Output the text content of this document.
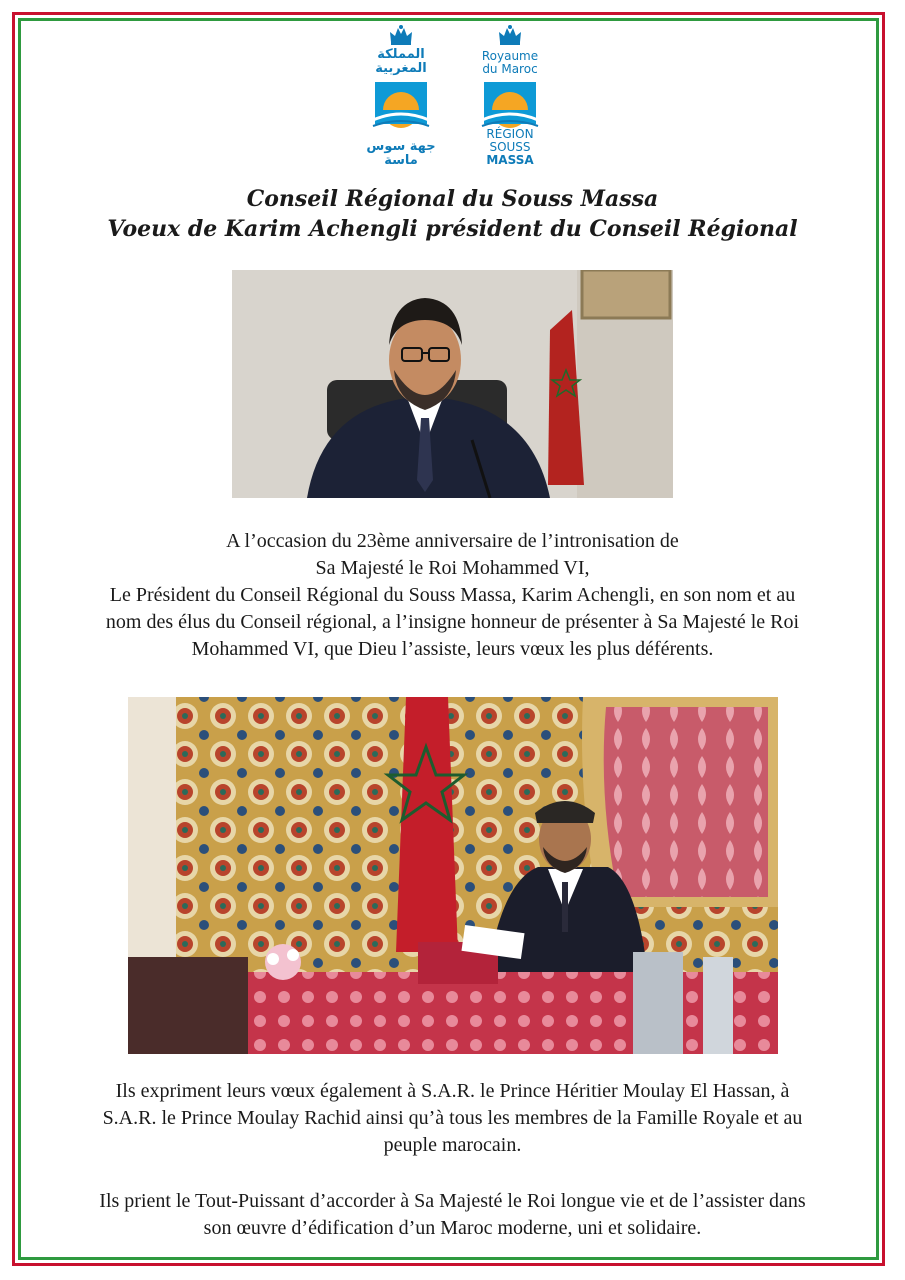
المملكة المغربية
جهة سوس ماسة
Royaume
du Maroc
RÉGION
SOUSS
MASSA
Conseil Régional du Souss Massa
Voeux de Karim Achengli président du Conseil Régional
A l’occasion du 23ème anniversaire de l’intronisation de
Sa Majesté le Roi Mohammed VI,
Le Président du Conseil Régional du Souss Massa, Karim Achengli, en son nom et au
nom des élus du Conseil régional, a l’insigne honneur de présenter à Sa Majesté le Roi
Mohammed VI, que Dieu l’assiste, leurs vœux les plus déférents.
Ils expriment leurs vœux également à S.A.R. le Prince Héritier Moulay El Hassan, à
S.A.R. le Prince Moulay Rachid ainsi qu’à tous les membres de la Famille Royale et au
peuple marocain.
Ils prient le Tout-Puissant d’accorder à Sa Majesté le Roi longue vie et de l’assister dans
son œuvre d’édification d’un Maroc moderne, uni et solidaire.
